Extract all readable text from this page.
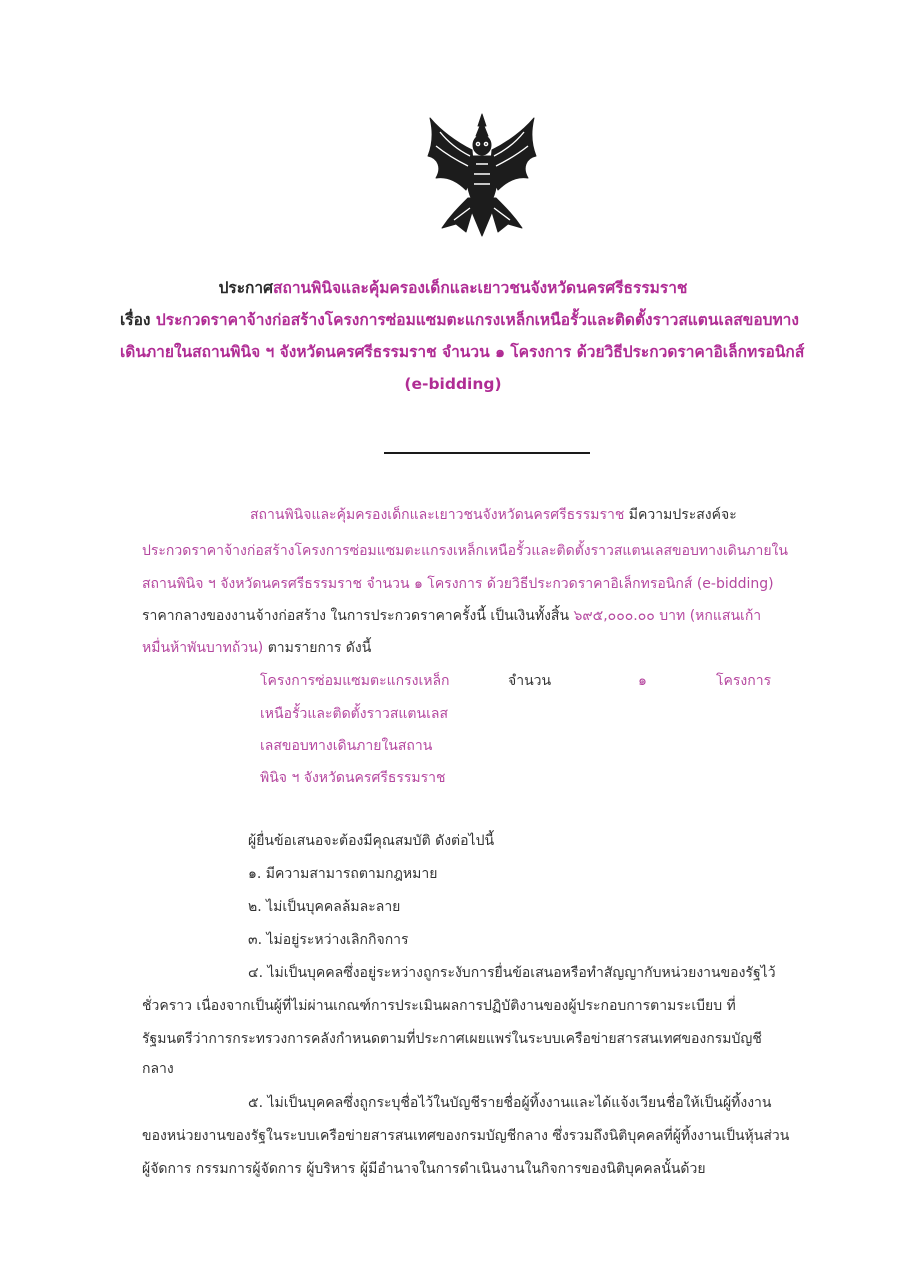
ประกาศสถานพินิจและคุ้มครองเด็กและเยาวชนจังหวัดนครศรีธรรมราช
เรื่อง ประกวดราคาจ้างก่อสร้างโครงการซ่อมแซมตะแกรงเหล็กเหนือรั้วและติดตั้งราวสแตนเลสขอบทาง
เดินภายในสถานพินิจ ฯ จังหวัดนครศรีธรรมราช จำนวน ๑ โครงการ ด้วยวิธีประกวดราคาอิเล็กทรอนิกส์
(e-bidding)
สถานพินิจและคุ้มครองเด็กและเยาวชนจังหวัดนครศรีธรรมราช มีความประสงค์จะ
ประกวดราคาจ้างก่อสร้างโครงการซ่อมแซมตะแกรงเหล็กเหนือรั้วและติดตั้งราวสแตนเลสขอบทางเดินภายใน
สถานพินิจ ฯ จังหวัดนครศรีธรรมราช จำนวน ๑ โครงการ ด้วยวิธีประกวดราคาอิเล็กทรอนิกส์ (e-bidding)
ราคากลางของงานจ้างก่อสร้าง ในการประกวดราคาครั้งนี้ เป็นเงินทั้งสิ้น ๖๙๕,๐๐๐.๐๐ บาท (หกแสนเก้า
หมื่นห้าพันบาทถ้วน) ตามรายการ ดังนี้
โครงการซ่อมแซมตะแกรงเหล็ก
เหนือรั้วและติดตั้งราวสแตนเลส
เลสขอบทางเดินภายในสถาน
พินิจ ฯ จังหวัดนครศรีธรรมราช
จำนวน	๑	โครงการ
ผู้ยื่นข้อเสนอจะต้องมีคุณสมบัติ ดังต่อไปนี้
๑. มีความสามารถตามกฎหมาย
๒. ไม่เป็นบุคคลล้มละลาย
๓. ไม่อยู่ระหว่างเลิกกิจการ
๔. ไม่เป็นบุคคลซึ่งอยู่ระหว่างถูกระงับการยื่นข้อเสนอหรือทำสัญญากับหน่วยงานของรัฐไว้
ชั่วคราว เนื่องจากเป็นผู้ที่ไม่ผ่านเกณฑ์การประเมินผลการปฏิบัติงานของผู้ประกอบการตามระเบียบ ที่
รัฐมนตรีว่าการกระทรวงการคลังกำหนดตามที่ประกาศเผยแพร่ในระบบเครือข่ายสารสนเทศของกรมบัญชี
กลาง
๕. ไม่เป็นบุคคลซึ่งถูกระบุชื่อไว้ในบัญชีรายชื่อผู้ทิ้งงานและได้แจ้งเวียนชื่อให้เป็นผู้ทิ้งงาน
ของหน่วยงานของรัฐในระบบเครือข่ายสารสนเทศของกรมบัญชีกลาง ซึ่งรวมถึงนิติบุคคลที่ผู้ทิ้งงานเป็นหุ้นส่วน
ผู้จัดการ กรรมการผู้จัดการ ผู้บริหาร ผู้มีอำนาจในการดำเนินงานในกิจการของนิติบุคคลนั้นด้วย
